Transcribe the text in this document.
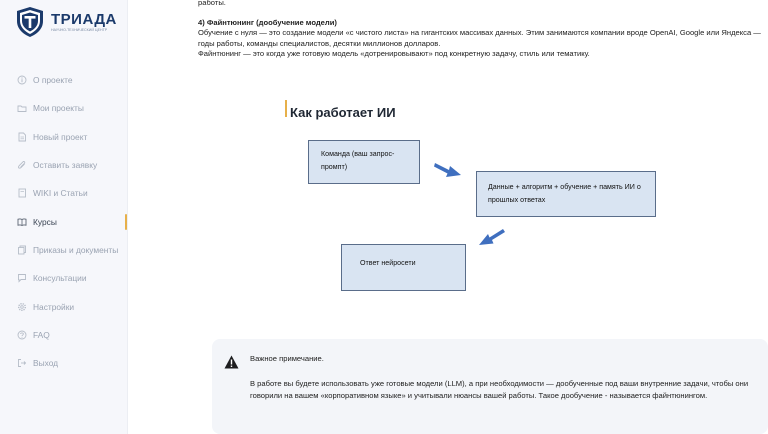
ТРИАДА
НАУЧНО-ТЕХНИЧЕСКИЙ ЦЕНТР
О проекте
Мои проекты
Новый проект
Оставить заявку
WIKI и Статьи
Курсы
Приказы и документы
Консультации
Настройки
FAQ
Выход

работы.

4) Файнтюнинг (дообучение модели)

Обучение с нуля — это создание модели «с чистого листа» на гигантских массивах данных. Этим занимаются компании вроде OpenAI, Google или Яндекса — годы работы, команды специалистов, десятки миллионов долларов.

Файнтюнинг — это когда уже готовую модель «дотренировывают» под конкретную задачу, стиль или тематику.

Как работает ИИ
Команда (ваш запрос-промпт)
Данные + алгоритм + обучение + память ИИ о прошлых ответах
Ответ нейросети
Важное примечание.
В работе вы будете использовать уже готовые модели (LLM), а при необходимости — дообученные под ваши внутренние задачи, чтобы они говорили на вашем «корпоративном языке» и учитывали нюансы вашей работы. Такое дообучение - называется файнтюнингом.
